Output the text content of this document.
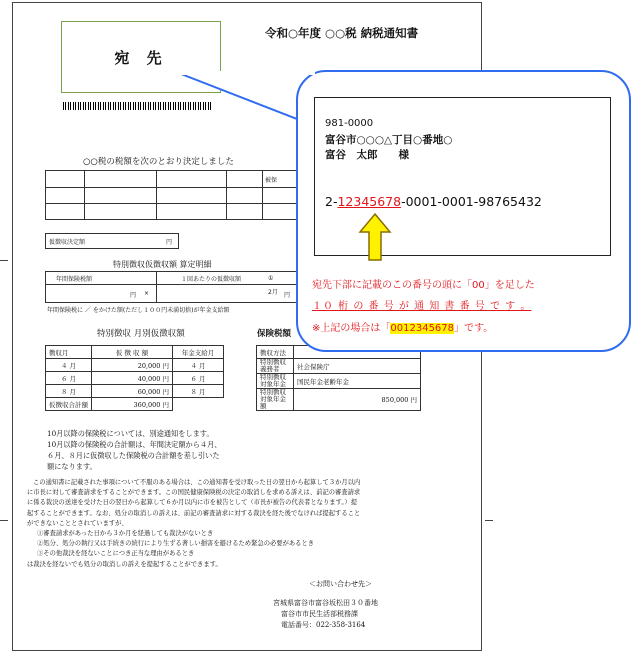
宛 先
令和○年度 ○○税 納税通知書
○○税の税額を次のとおり決定しました
被保
仮徴収決定額	円
特別徴収仮徴収額 算定明細
年間保険税額	１回あたりの仮徴収額
円 ×	円
年間保険税に ／ をかけた額(ただし１００円未満切捨)が年金支給額
①
2月
特別徴収 月別仮徴収額	保険税額
徴収月	仮 徴 収 額	年金支給月
４ 月	20,000 円	４ 月
６ 月	40,000 円	６ 月
８ 月	60,000 円	８ 月
仮徴収合計額	360,000 円	
徴収方法	
特別徴収義務者	社会保険庁
特別徴収対象年金	国民年金老齢年金
特別徴収対象年金額	850,000 円
10月以降の保険税については、別途通知をします。
10月以降の保険税の合計額は、年間決定額から４月、
６月、８月に仮徴収した保険税の合計額を差し引いた
額になります。
この通知書に記載された事項について不服のある場合は、この通知書を受け取った日の翌日から起算して３か月以内
に市長に対して審査請求をすることができます。この国民健康保険税の決定の取消しを求める訴えは、前記の審査請求
に係る裁決の送達を受けた日の翌日から起算して６か月以内に市を被告として（市長が被告の代表者となります。）提
起することができます。なお、処分の取消しの訴えは、前記の審査請求に対する裁決を経た後でなければ提起すること
ができないこととされていますが、
①審査請求があった日から３か月を経過しても裁決がないとき
②処分、処分の執行又は手続きの続行により生ずる著しい損害を避けるため緊急の必要があるとき
③その他裁決を経ないことにつき正当な理由があるとき
は裁決を経ないでも処分の取消しの訴えを提起することができます。
＜お問い合わせ先＞
宮城県富谷市富谷坂松田３０番地
富谷市市民生活部税務課
電話番号：022-358-3164
981-0000
富谷市○○○△丁目○番地○
富谷　太郎　　様
2-12345678-0001-0001-98765432
宛先下部に記載のこの番号の頭に「00」を足した
１０ 桁 の 番 号 が 通 知 書 番 号 で す 。
※上記の場合は「0012345678」です。
